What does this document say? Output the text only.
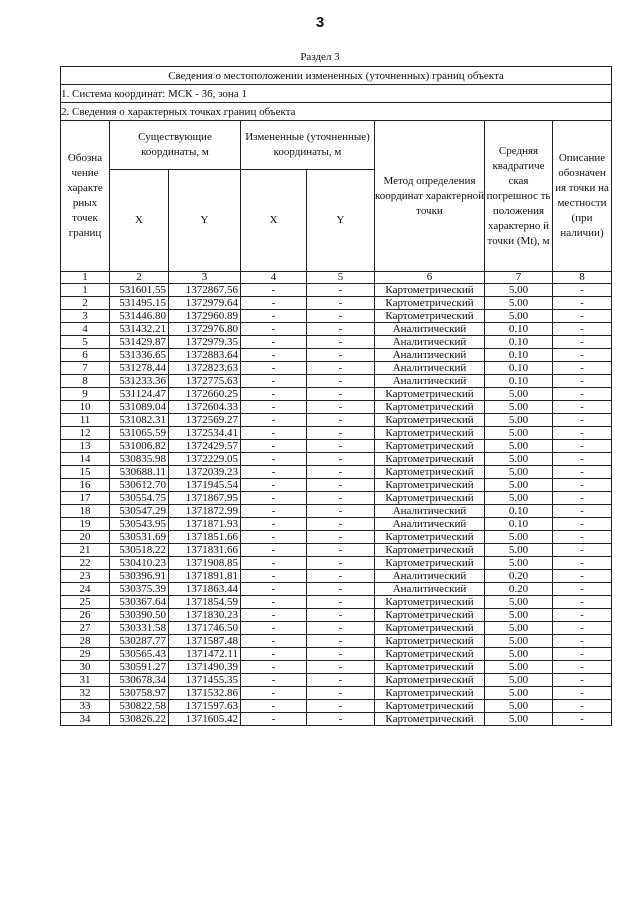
3
Раздел 3
Сведения о местоположении измененных (уточненных) границ объекта							
1. Система координат: МСК - 36, зона 1							
2. Сведения о характерных точках границ объекта							
Обозна чение характе рных точек границ	Существующие координаты, м		Измененные (уточненные) координаты, м		Метод определения координат характерной точки	Средняя квадратиче ская погрешнос ть положения характерно й точки (Mt), м	Описание обозначен ия точки на местности (при наличии)
	X	Y	X	Y			
1	2	3	4	5	6	7	8
1	531601.55	1372867.56	-	-	Картометрический	5.00	-
2	531495.15	1372979.64	-	-	Картометрический	5.00	-
3	531446.80	1372960.89	-	-	Картометрический	5.00	-
4	531432.21	1372976.80	-	-	Аналитический	0.10	-
5	531429.87	1372979.35	-	-	Аналитический	0.10	-
6	531336.65	1372883.64	-	-	Аналитический	0.10	-
7	531278.44	1372823.63	-	-	Аналитический	0.10	-
8	531233.36	1372775.63	-	-	Аналитический	0.10	-
9	531124.47	1372660.25	-	-	Картометрический	5.00	-
10	531089.04	1372604.33	-	-	Картометрический	5.00	-
11	531082.31	1372569.27	-	-	Картометрический	5.00	-
12	531065.59	1372534.41	-	-	Картометрический	5.00	-
13	531006.82	1372429.57	-	-	Картометрический	5.00	-
14	530835.98	1372229.05	-	-	Картометрический	5.00	-
15	530688.11	1372039.23	-	-	Картометрический	5.00	-
16	530612.70	1371945.54	-	-	Картометрический	5.00	-
17	530554.75	1371867.95	-	-	Картометрический	5.00	-
18	530547.29	1371872.99	-	-	Аналитический	0.10	-
19	530543.95	1371871.93	-	-	Аналитический	0.10	-
20	530531.69	1371851.66	-	-	Картометрический	5.00	-
21	530518.22	1371831.66	-	-	Картометрический	5.00	-
22	530410.23	1371908.85	-	-	Картометрический	5.00	-
23	530396.91	1371891.81	-	-	Аналитический	0.20	-
24	530375.39	1371863.44	-	-	Аналитический	0.20	-
25	530367.64	1371854.59	-	-	Картометрический	5.00	-
26	530390.50	1371830.23	-	-	Картометрический	5.00	-
27	530331.58	1371746.50	-	-	Картометрический	5.00	-
28	530287.77	1371587.48	-	-	Картометрический	5.00	-
29	530565.43	1371472.11	-	-	Картометрический	5.00	-
30	530591.27	1371490.39	-	-	Картометрический	5.00	-
31	530678.34	1371455.35	-	-	Картометрический	5.00	-
32	530758.97	1371532.86	-	-	Картометрический	5.00	-
33	530822.58	1371597.63	-	-	Картометрический	5.00	-
34	530826.22	1371605.42	-	-	Картометрический	5.00	-
